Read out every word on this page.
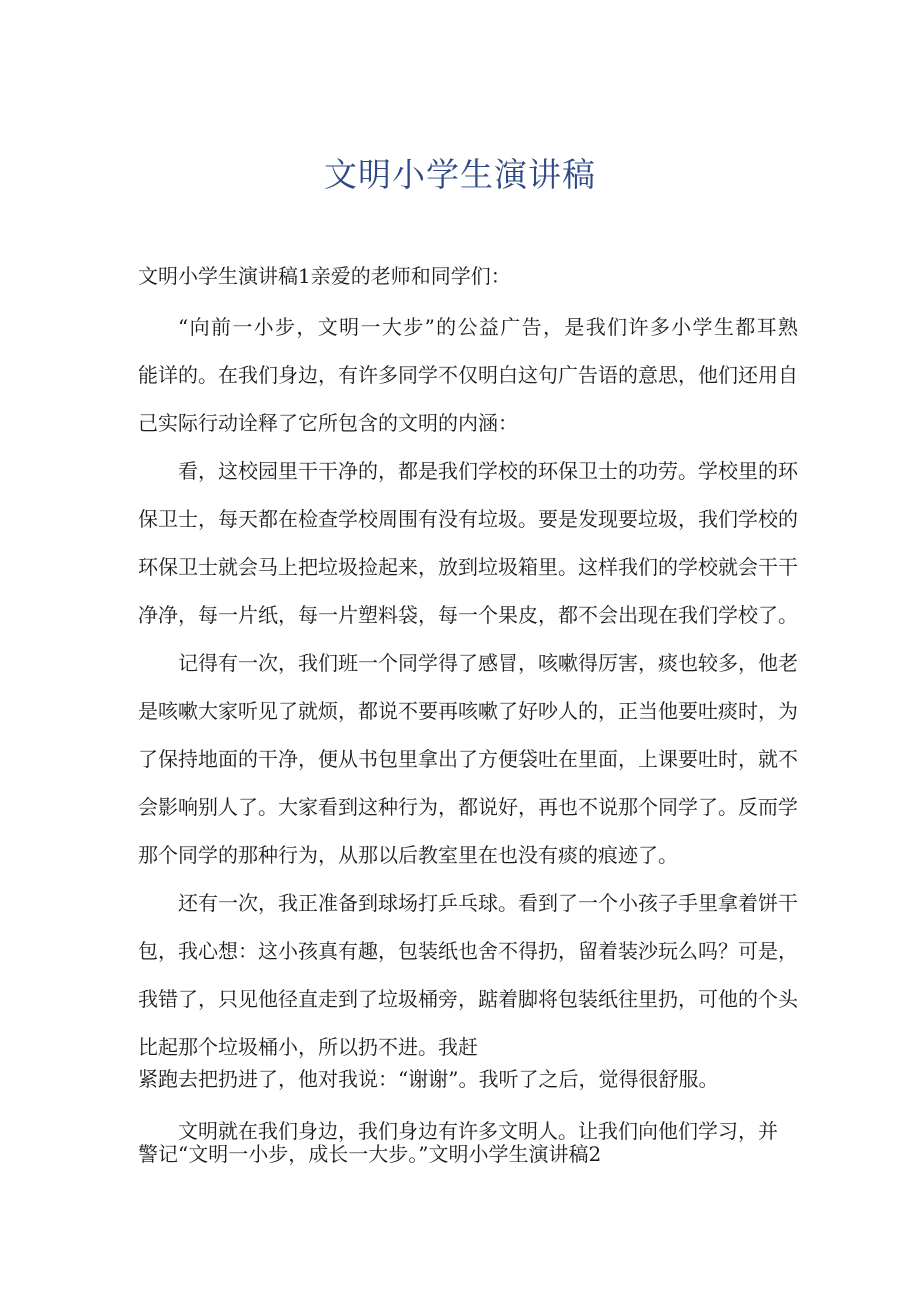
文明小学生演讲稿

文明小学生演讲稿1亲爱的老师和同学们：

“向前一小步，文明一大步”的公益广告，是我们许多小学生都耳熟

能详的。在我们身边，有许多同学不仅明白这句广告语的意思，他们还用自

己实际行动诠释了它所包含的文明的内涵：

看，这校园里干干净的，都是我们学校的环保卫士的功劳。学校里的环

保卫士，每天都在检查学校周围有没有垃圾。要是发现要垃圾，我们学校的

环保卫士就会马上把垃圾捡起来，放到垃圾箱里。这样我们的学校就会干干

净净，每一片纸，每一片塑料袋，每一个果皮，都不会出现在我们学校了。

记得有一次，我们班一个同学得了感冒，咳嗽得厉害，痰也较多，他老

是咳嗽大家听见了就烦，都说不要再咳嗽了好吵人的，正当他要吐痰时，为

了保持地面的干净，便从书包里拿出了方便袋吐在里面，上课要吐时，就不

会影响别人了。大家看到这种行为，都说好，再也不说那个同学了。反而学

那个同学的那种行为，从那以后教室里在也没有痰的痕迹了。

还有一次，我正准备到球场打乒乓球。看到了一个小孩子手里拿着饼干

包，我心想：这小孩真有趣，包装纸也舍不得扔，留着装沙玩么吗？可是，

我错了，只见他径直走到了垃圾桶旁，踮着脚将包装纸往里扔，可他的个头

比起那个垃圾桶小，所以扔不进。我赶

紧跑去把扔进了，他对我说：“谢谢”。我听了之后，觉得很舒服。

文明就在我们身边，我们身边有许多文明人。让我们向他们学习，并

警记“文明一小步，成长一大步。”文明小学生演讲稿2
